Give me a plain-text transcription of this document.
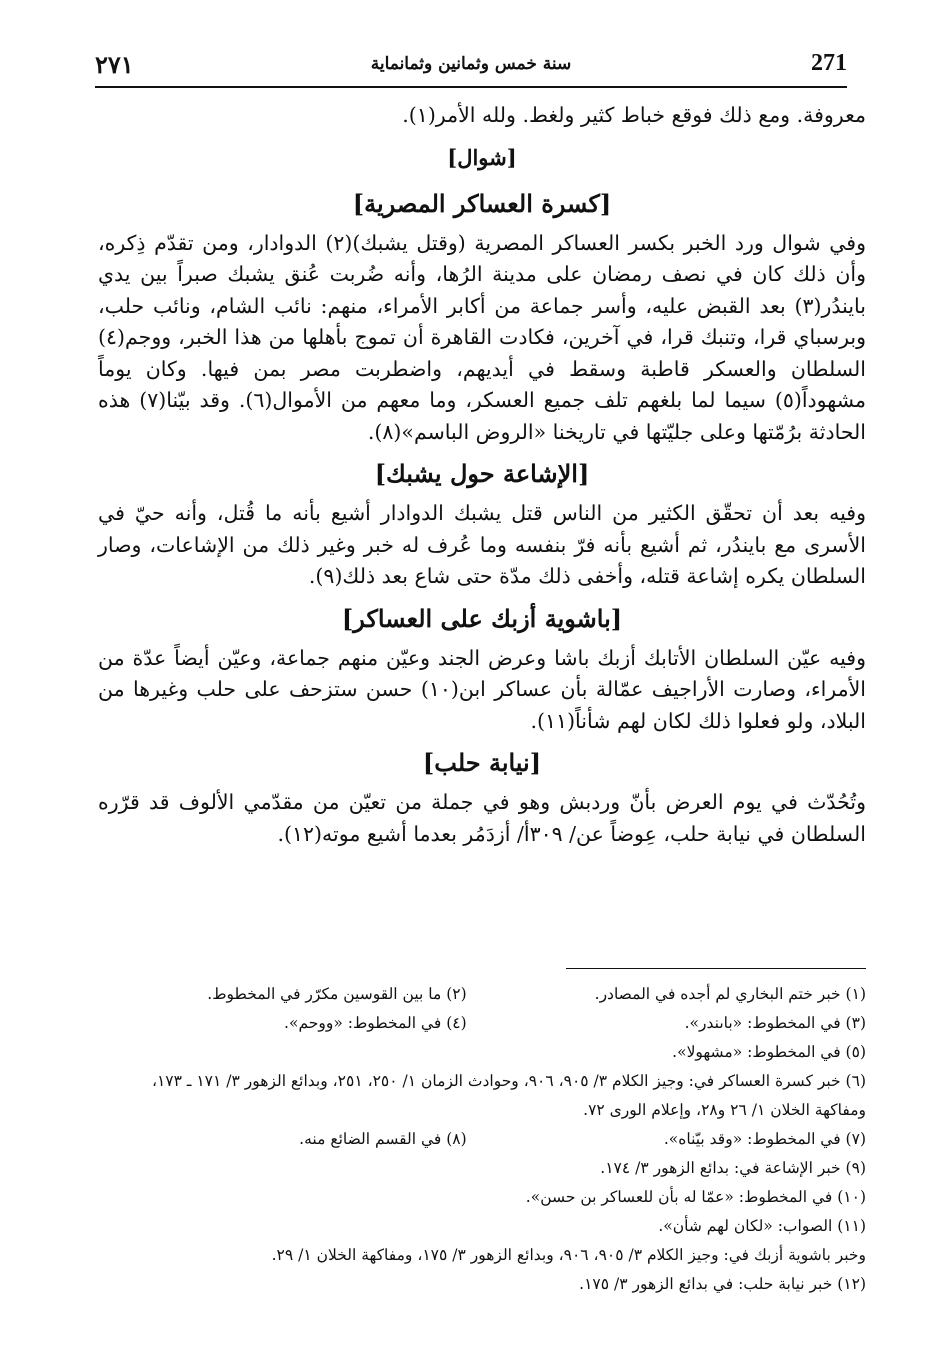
٢٧١	سنة خمس وثمانين وثمانماية	271

معروفة. ومع ذلك فوقع خباط كثير ولغط. ولله الأمر(١).

[شوال]
[كسرة العساكر المصرية]

وفي شوال ورد الخبر بكسر العساكر المصرية (وقتل يشبك)(٢) الدوادار، ومن تقدّم ذِكره، وأن ذلك كان في نصف رمضان على مدينة الرُها، وأنه ضُربت عُنق يشبك صبراً بين يدي بايندُر(٣) بعد القبض عليه، وأسر جماعة من أكابر الأمراء، منهم: نائب الشام، ونائب حلب، وبرسباي قرا، وتنبك قرا، في آخرين، فكادت القاهرة أن تموج بأهلها من هذا الخبر، ووجم(٤) السلطان والعسكر قاطبة وسقط في أيديهم، واضطربت مصر بمن فيها. وكان يوماً مشهوداً(٥) سيما لما بلغهم تلف جميع العسكر، وما معهم من الأموال(٦). وقد بيّنا(٧) هذه الحادثة برُمّتها وعلى جليّتها في تاريخنا «الروض الباسم»(٨).

[الإشاعة حول يشبك]

وفيه بعد أن تحقّق الكثير من الناس قتل يشبك الدوادار أشيع بأنه ما قُتل، وأنه حيّ في الأسرى مع بايندُر، ثم أشيع بأنه فرّ بنفسه وما عُرف له خبر وغير ذلك من الإشاعات، وصار السلطان يكره إشاعة قتله، وأخفى ذلك مدّة حتى شاع بعد ذلك(٩).

[باشوية أزبك على العساكر]

وفيه عيّن السلطان الأتابك أزبك باشا وعرض الجند وعيّن منهم جماعة، وعيّن أيضاً عدّة من الأمراء، وصارت الأراجيف عمّالة بأن عساكر ابن(١٠) حسن ستزحف على حلب وغيرها من البلاد، ولو فعلوا ذلك لكان لهم شأناً(١١).

[نيابة حلب]

وتُحُدّث في يوم العرض بأنّ وردبش وهو في جملة من تعيّن من مقدّمي الألوف قد قرّره السلطان في نيابة حلب، عِوضاً عن/ ٣٠٩أ/ أزدَمُر بعدما أشيع موته(١٢).

(١) خبر ختم البخاري لم أجده في المصادر.
(٢) ما بين القوسين مكرّر في المخطوط.
(٣) في المخطوط: «باىندر».
(٤) في المخطوط: «ووحم».
(٥) في المخطوط: «مشهولا».
(٦) خبر كسرة العساكر في: وجيز الكلام ٣/ ٩٠٥، ٩٠٦، وحوادث الزمان ١/ ٢٥٠، ٢٥١، وبدائع الزهور ٣/ ١٧١ ـ ١٧٣، ومفاكهة الخلان ١/ ٢٦ و٢٨، وإعلام الورى ٧٢.
(٧) في المخطوط: «وقد بيّناه».
(٨) في القسم الضائع منه.
(٩) خبر الإشاعة في: بدائع الزهور ٣/ ١٧٤.
(١٠) في المخطوط: «عمّا له بأن للعساكر بن حسن».
(١١) الصواب: «لكان لهم شأن».
وخبر باشوية أزبك في: وجيز الكلام ٣/ ٩٠٥، ٩٠٦، وبدائع الزهور ٣/ ١٧٥، ومفاكهة الخلان ١/ ٢٩.
(١٢) خبر نيابة حلب: في بدائع الزهور ٣/ ١٧٥.
